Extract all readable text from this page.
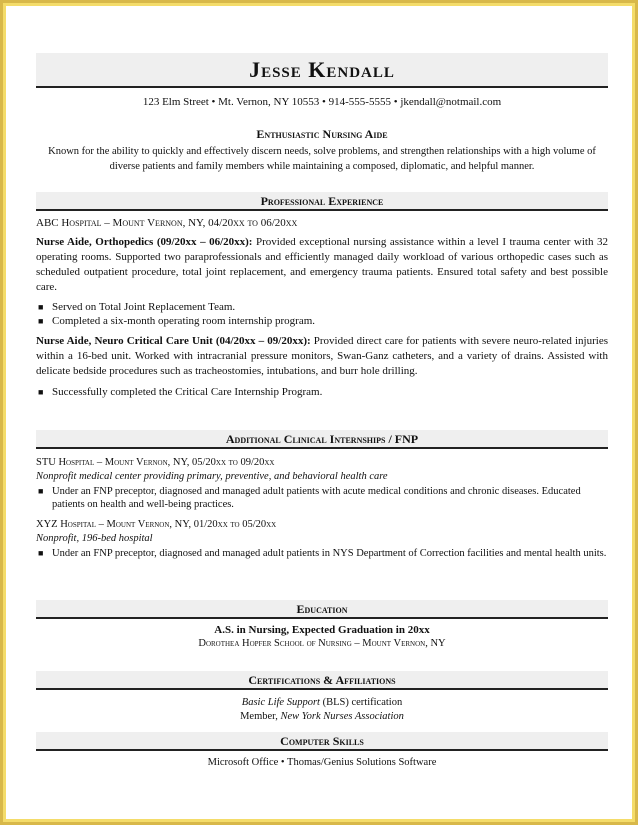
Jesse Kendall
123 Elm Street • Mt. Vernon, NY 10553 • 914-555-5555 • jkendall@notmail.com
Enthusiastic Nursing Aide
Known for the ability to quickly and effectively discern needs, solve problems, and strengthen relationships with a high volume of diverse patients and family members while maintaining a composed, diplomatic, and helpful manner.
Professional Experience
ABC Hospital – Mount Vernon, NY, 04/20xx to 06/20xx
Nurse Aide, Orthopedics (09/20xx – 06/20xx): Provided exceptional nursing assistance within a level I trauma center with 32 operating rooms. Supported two paraprofessionals and efficiently managed daily workload of various orthopedic cases such as scheduled outpatient procedure, total joint replacement, and emergency trauma patients. Ensured total safety and best possible care.
■ Served on Total Joint Replacement Team.
■ Completed a six-month operating room internship program.
Nurse Aide, Neuro Critical Care Unit (04/20xx – 09/20xx): Provided direct care for patients with severe neuro-related injuries within a 16-bed unit. Worked with intracranial pressure monitors, Swan-Ganz catheters, and a variety of drains. Assisted with delicate bedside procedures such as tracheostomies, intubations, and burr hole drilling.
■ Successfully completed the Critical Care Internship Program.
Additional Clinical Internships / FNP
STU Hospital – Mount Vernon, NY, 05/20xx to 09/20xx
Nonprofit medical center providing primary, preventive, and behavioral health care
■ Under an FNP preceptor, diagnosed and managed adult patients with acute medical conditions and chronic diseases. Educated patients on health and well-being practices.
XYZ Hospital – Mount Vernon, NY, 01/20xx to 05/20xx
Nonprofit, 196-bed hospital
■ Under an FNP preceptor, diagnosed and managed adult patients in NYS Department of Correction facilities and mental health units.
Education
A.S. in Nursing, Expected Graduation in 20xx
Dorothea Hopfer School of Nursing – Mount Vernon, NY
Certifications & Affiliations
Basic Life Support (BLS) certification
Member, New York Nurses Association
Computer Skills
Microsoft Office • Thomas/Genius Solutions Software
